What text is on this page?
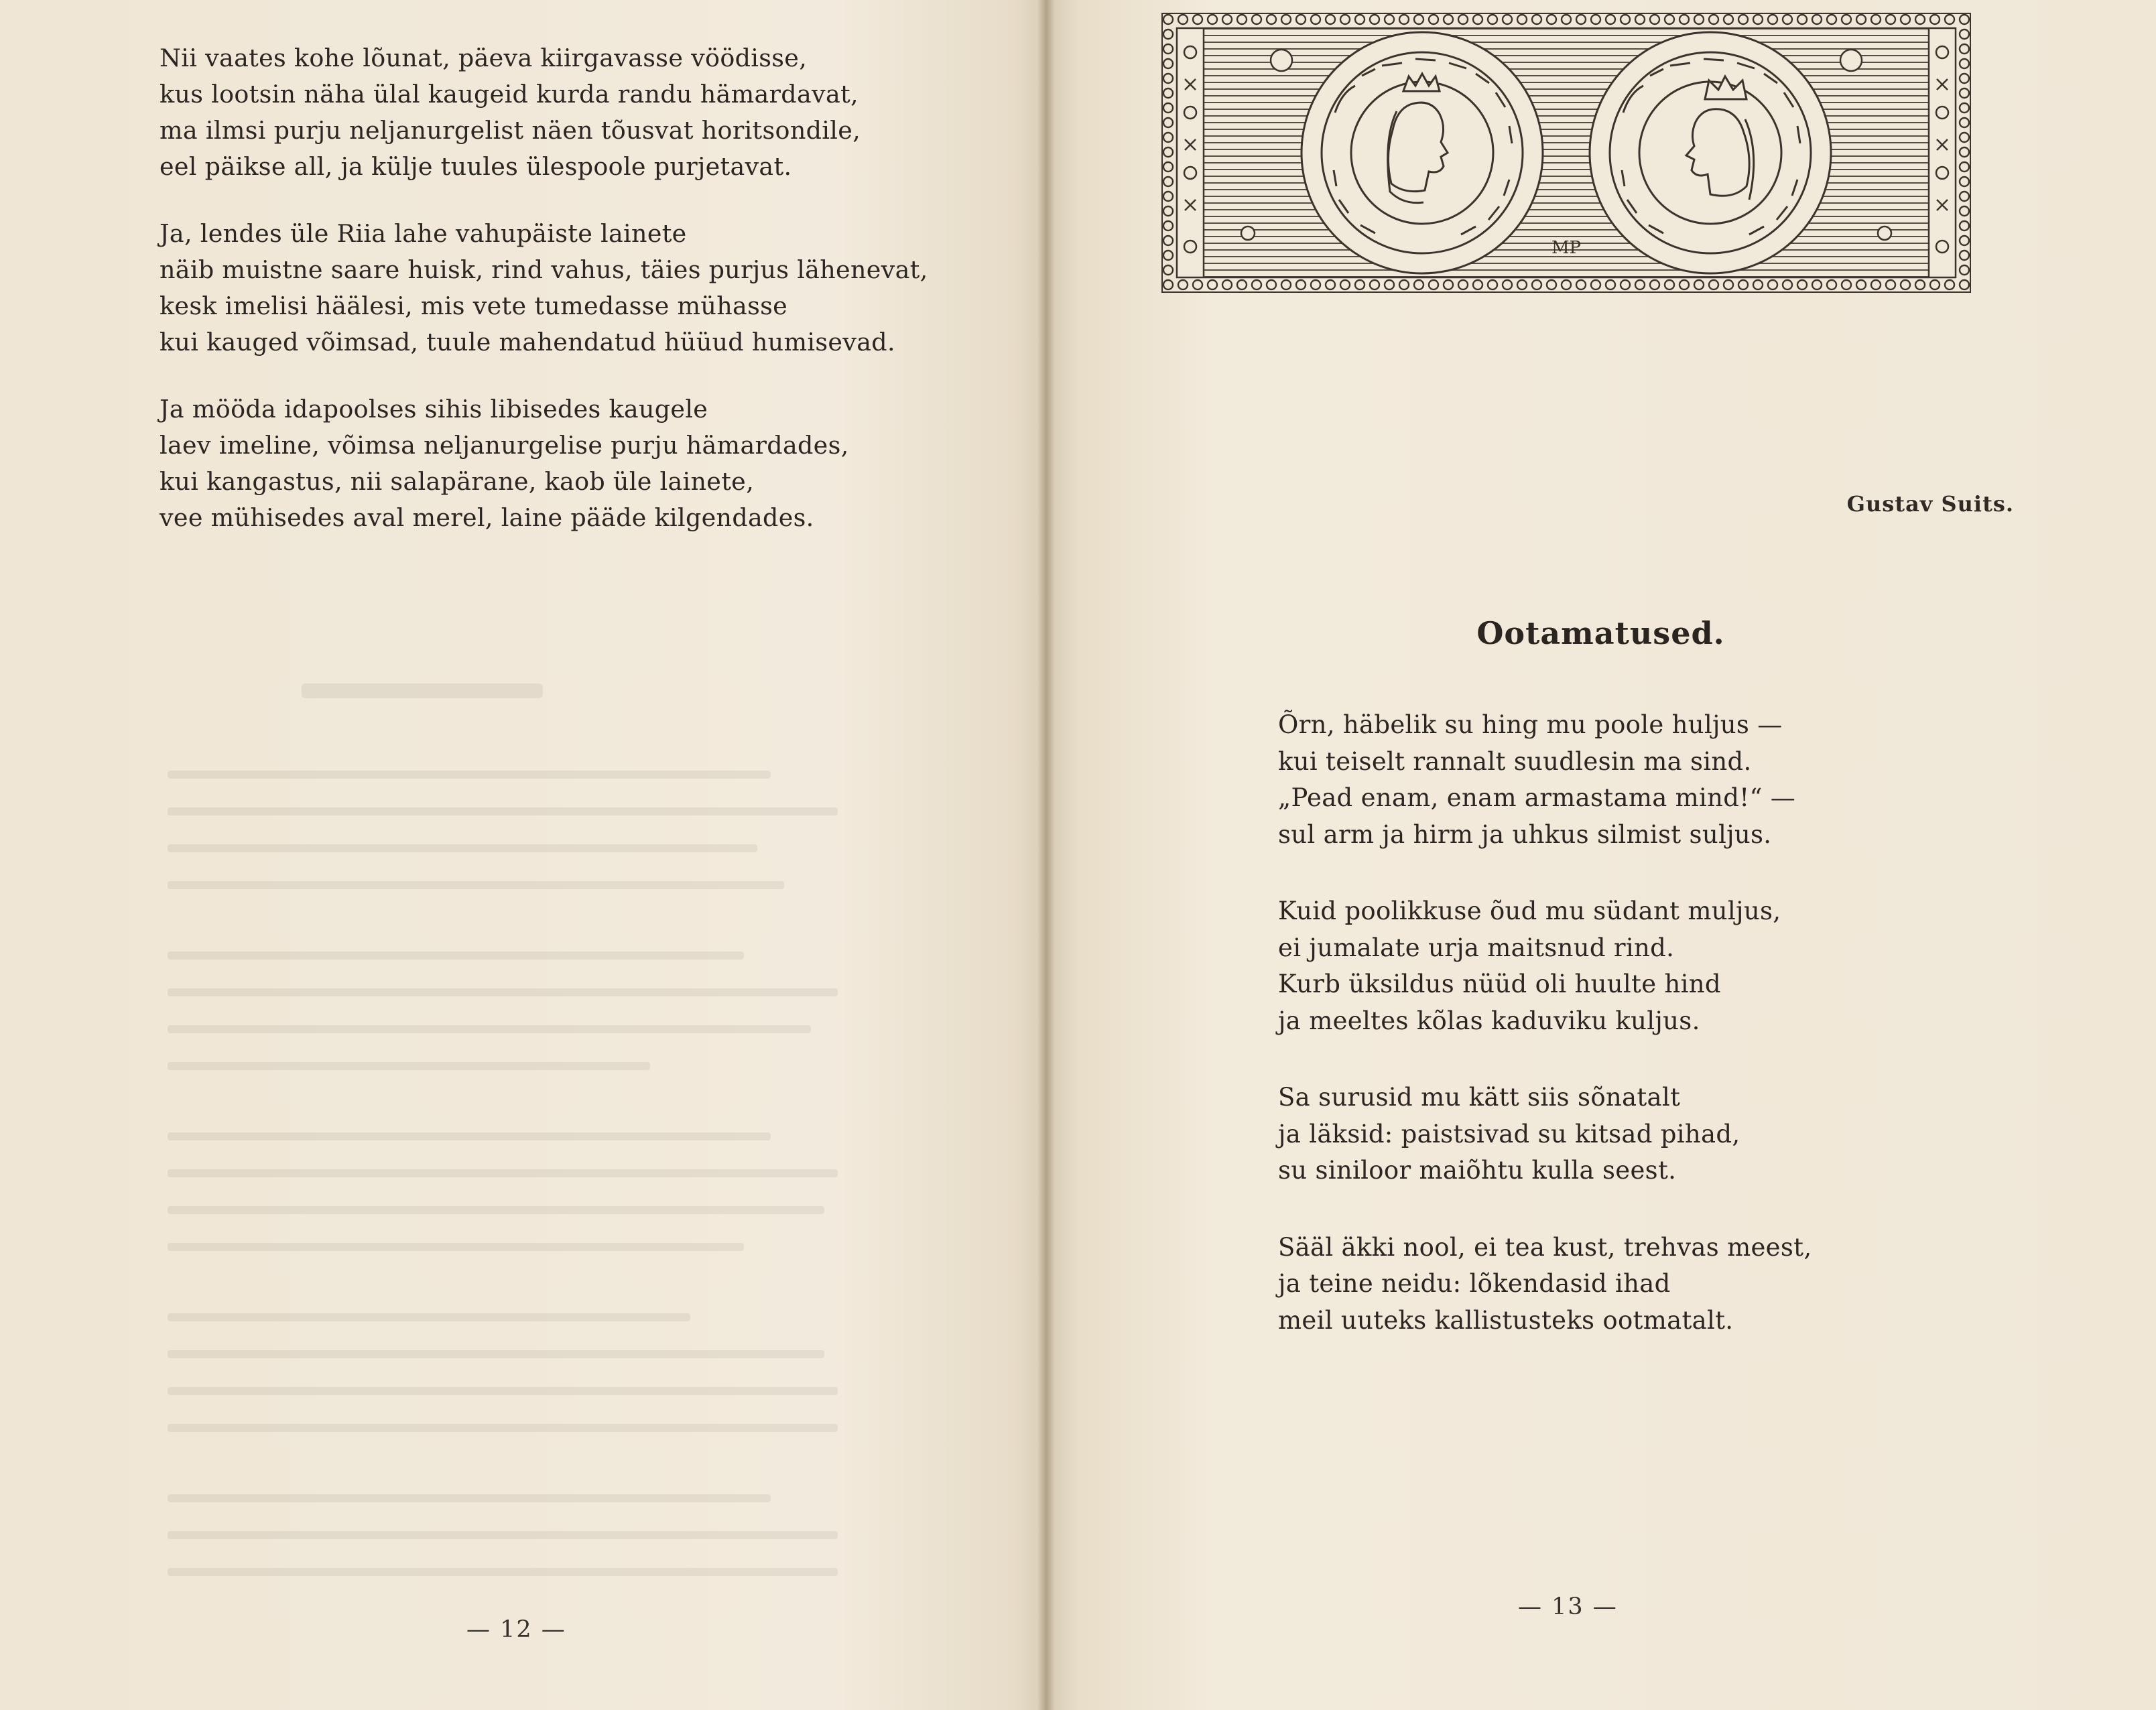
Nii vaates kohe lõunat, päeva kiirgavasse vöödisse,
kus lootsin näha ülal kaugeid kurda randu hämardavat,
ma ilmsi purju neljanurgelist näen tõusvat horitsondile,
eel päikse all, ja külje tuules ülespoole purjetavat.
Ja, lendes üle Riia lahe vahupäiste lainete
näib muistne saare huisk, rind vahus, täies purjus lähenevat,
kesk imelisi häälesi, mis vete tumedasse mühasse
kui kauged võimsad, tuule mahendatud hüüud humisevad.
Ja mööda idapoolses sihis libisedes kaugele
laev imeline, võimsa neljanurgelise purju hämardades,
kui kangastus, nii salapärane, kaob üle lainete,
vee mühisedes aval merel, laine pääde kilgendades.
— 12 —
MP
Gustav Suits.
Ootamatused.
Õrn, häbelik su hing mu poole huljus —
kui teiselt rannalt suudlesin ma sind.
„Pead enam, enam armastama mind!“ —
sul arm ja hirm ja uhkus silmist suljus.
Kuid poolikkuse õud mu südant muljus,
ei jumalate urja maitsnud rind.
Kurb üksildus nüüd oli huulte hind
ja meeltes kõlas kaduviku kuljus.
Sa surusid mu kätt siis sõnatalt
ja läksid: paistsivad su kitsad pihad,
su siniloor maiõhtu kulla seest.
Sääl äkki nool, ei tea kust, trehvas meest,
ja teine neidu: lõkendasid ihad
meil uuteks kallistusteks ootmatalt.
— 13 —
